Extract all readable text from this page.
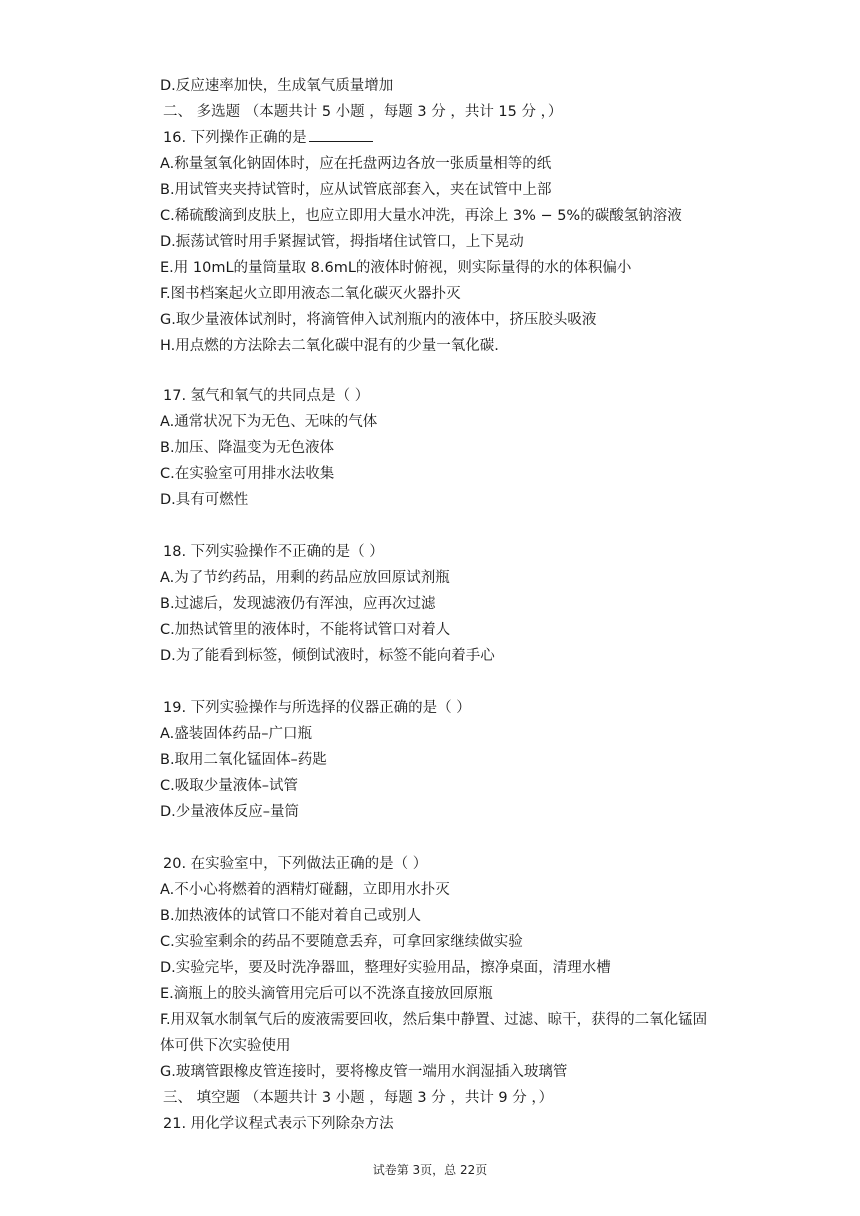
D.反应速率加快，生成氧气质量增加
二、 多选题 （本题共计 5 小题 ，每题 3 分 ，共计 15 分 ，）
16. 下列操作正确的是
A.称量氢氧化钠固体时，应在托盘两边各放一张质量相等的纸
B.用试管夹夹持试管时，应从试管底部套入，夹在试管中上部
C.稀硫酸滴到皮肤上，也应立即用大量水冲洗，再涂上 3% − 5%的碳酸氢钠溶液
D.振荡试管时用手紧握试管，拇指堵住试管口，上下晃动
E.用 10mL的量筒量取 8.6mL的液体时俯视，则实际量得的水的体积偏小
F.图书档案起火立即用液态二氧化碳灭火器扑灭
G.取少量液体试剂时，将滴管伸入试剂瓶内的液体中，挤压胶头吸液
H.用点燃的方法除去二氧化碳中混有的少量一氧化碳.
17. 氢气和氧气的共同点是（ ）
A.通常状况下为无色、无味的气体
B.加压、降温变为无色液体
C.在实验室可用排水法收集
D.具有可燃性
18. 下列实验操作不正确的是（ ）
A.为了节约药品，用剩的药品应放回原试剂瓶
B.过滤后，发现滤液仍有浑浊，应再次过滤
C.加热试管里的液体时，不能将试管口对着人
D.为了能看到标签，倾倒试液时，标签不能向着手心
19. 下列实验操作与所选择的仪器正确的是（ ）
A.盛装固体药品–广口瓶
B.取用二氧化锰固体–药匙
C.吸取少量液体–试管
D.少量液体反应–量筒
20. 在实验室中，下列做法正确的是（ ）
A.不小心将燃着的酒精灯碰翻，立即用水扑灭
B.加热液体的试管口不能对着自己或别人
C.实验室剩余的药品不要随意丢弃，可拿回家继续做实验
D.实验完毕，要及时洗净器皿，整理好实验用品，擦净桌面，清理水槽
E.滴瓶上的胶头滴管用完后可以不洗涤直接放回原瓶
F.用双氧水制氧气后的废液需要回收，然后集中静置、过滤、晾干，获得的二氧化锰固
体可供下次实验使用
G.玻璃管跟橡皮管连接时，要将橡皮管一端用水润湿插入玻璃管
三、 填空题 （本题共计 3 小题 ，每题 3 分 ，共计 9 分 ，）
21. 用化学议程式表示下列除杂方法
试卷第 3页，总 22页
